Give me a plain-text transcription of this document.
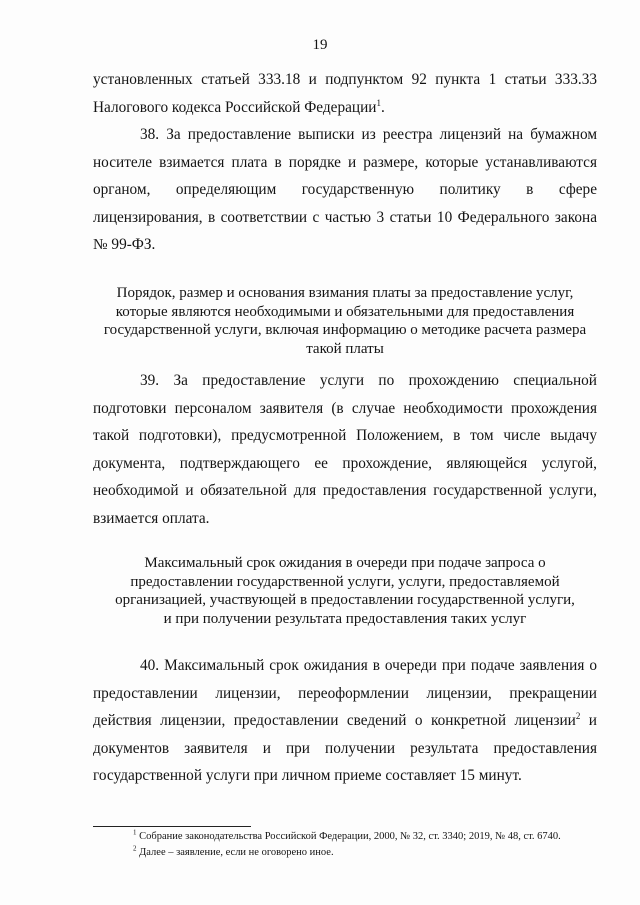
19
установленных статьей 333.18 и подпунктом 92 пункта 1 статьи 333.33
Налогового кодекса Российской Федерации$^1$.
38. За предоставление выписки из реестра лицензий на бумажном
носителе взимается плата в порядке и размере, которые устанавливаются
органом, определяющим государственную политику в сфере
лицензирования, в соответствии с частью 3 статьи 10 Федерального закона
№ 99-ФЗ.
Порядок, размер и основания взимания платы за предоставление услуг,
которые являются необходимыми и обязательными для предоставления
государственной услуги, включая информацию о методике расчета размера
такой платы
39. За предоставление услуги по прохождению специальной
подготовки персоналом заявителя (в случае необходимости прохождения
такой подготовки), предусмотренной Положением, в том числе выдачу
документа, подтверждающего ее прохождение, являющейся услугой,
необходимой и обязательной для предоставления государственной услуги,
взимается оплата.
Максимальный срок ожидания в очереди при подаче запроса о
предоставлении государственной услуги, услуги, предоставляемой
организацией, участвующей в предоставлении государственной услуги,
и при получении результата предоставления таких услуг
40. Максимальный срок ожидания в очереди при подаче заявления о
предоставлении лицензии, переоформлении лицензии, прекращении
действия лицензии, предоставлении сведений о конкретной лицензии$^2$ и
документов заявителя и при получении результата предоставления
государственной услуги при личном приеме составляет 15 минут.
$^1$ Собрание законодательства Российской Федерации, 2000, № 32, ст. 3340; 2019, № 48, ст. 6740.
$^2$ Далее – заявление, если не оговорено иное.
